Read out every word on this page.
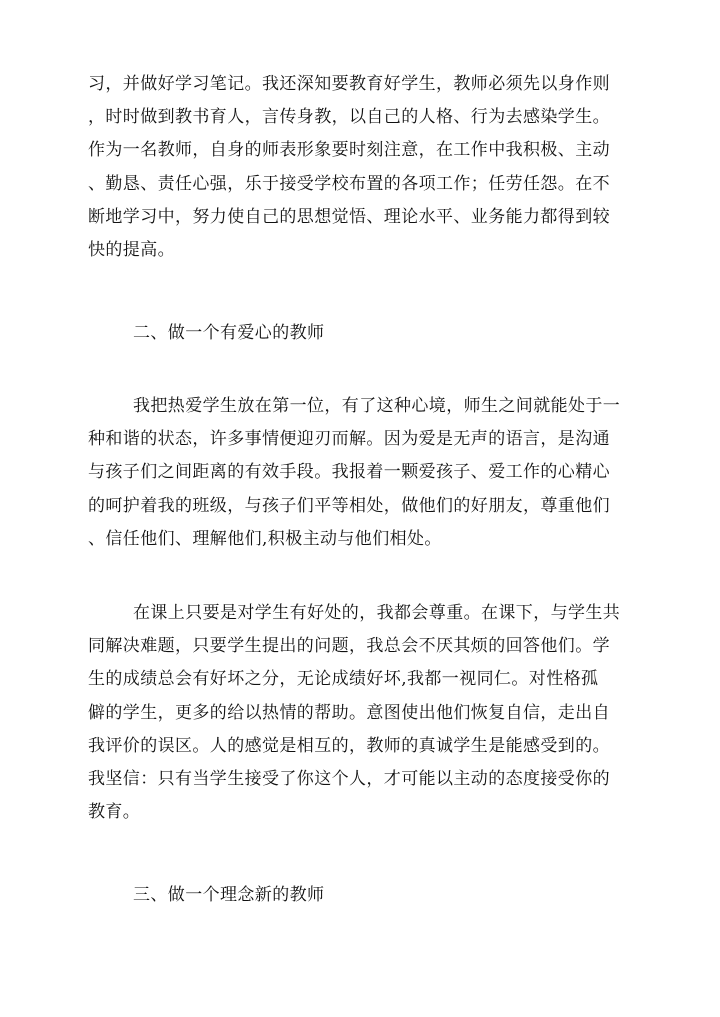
习，并做好学习笔记。我还深知要教育好学生，教师必须先以身作则
，时时做到教书育人，言传身教，以自己的人格、行为去感染学生。
作为一名教师，自身的师表形象要时刻注意，在工作中我积极、主动
、勤恳、责任心强，乐于接受学校布置的各项工作；任劳任怨。在不
断地学习中，努力使自己的思想觉悟、理论水平、业务能力都得到较
快的提高。

二、做一个有爱心的教师

我把热爱学生放在第一位，有了这种心境，师生之间就能处于一
种和谐的状态，许多事情便迎刃而解。因为爱是无声的语言，是沟通
与孩子们之间距离的有效手段。我报着一颗爱孩子、爱工作的心精心
的呵护着我的班级，与孩子们平等相处，做他们的好朋友，尊重他们
、信任他们、理解他们,积极主动与他们相处。

在课上只要是对学生有好处的，我都会尊重。在课下，与学生共
同解决难题，只要学生提出的问题，我总会不厌其烦的回答他们。学
生的成绩总会有好坏之分，无论成绩好坏,我都一视同仁。对性格孤
僻的学生，更多的给以热情的帮助。意图使出他们恢复自信，走出自
我评价的误区。人的感觉是相互的，教师的真诚学生是能感受到的。
我坚信：只有当学生接受了你这个人，才可能以主动的态度接受你的
教育。

三、做一个理念新的教师
